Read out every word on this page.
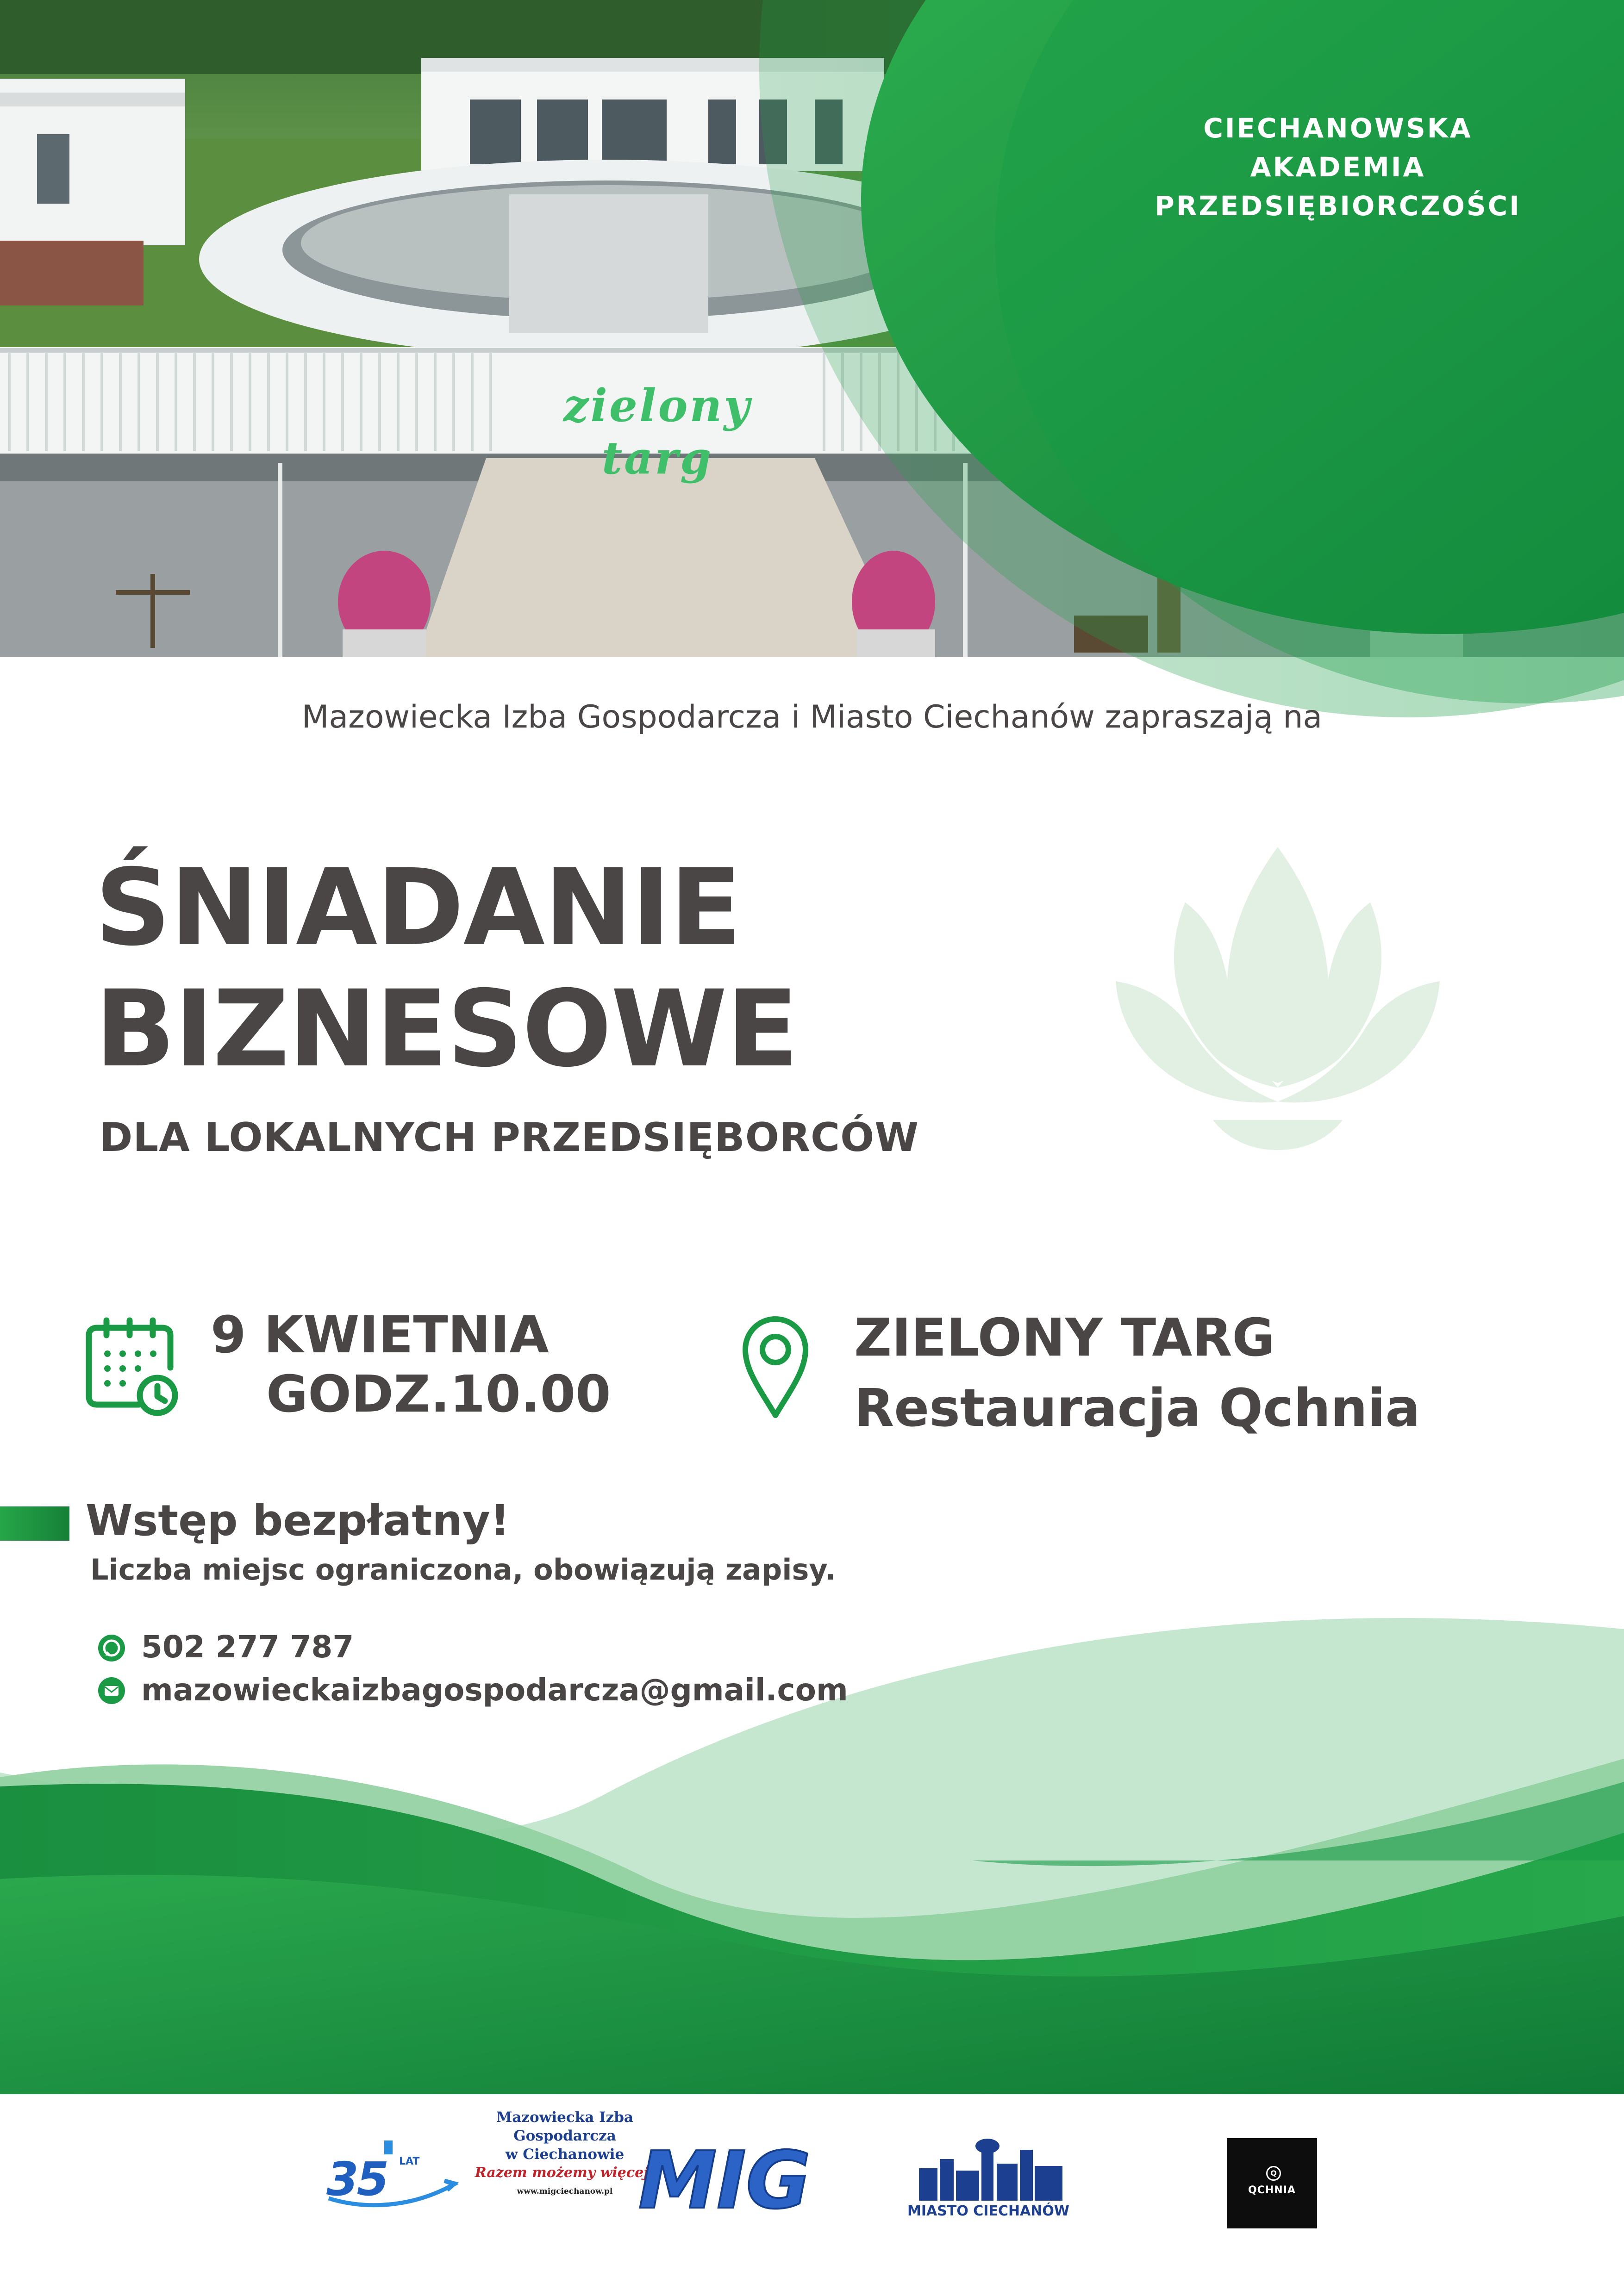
zielony targ
CIECHANOWSKA
AKADEMIA
PRZEDSIĘBIORCZOŚCI
Mazowiecka Izba Gospodarcza i Miasto Ciechanów zapraszają na
ŚNIADANIE
BIZNESOWE
DLA LOKALNYCH PRZEDSIĘBORCÓW
9 KWIETNIA
GODZ.10.00
ZIELONY TARG
Restauracja Qchnia
Wstęp bezpłatny!
Liczba miejsc ograniczona, obowiązują zapisy.
502 277 787
mazowieckaizbagospodarcza@gmail.com
35 LAT
Mazowiecka Izba Gospodarcza
w Ciechanowie
Razem możemy więcej!
www.migciechanow.pl MIG	MIASTO CIECHANÓW
Q
QCHNIA
